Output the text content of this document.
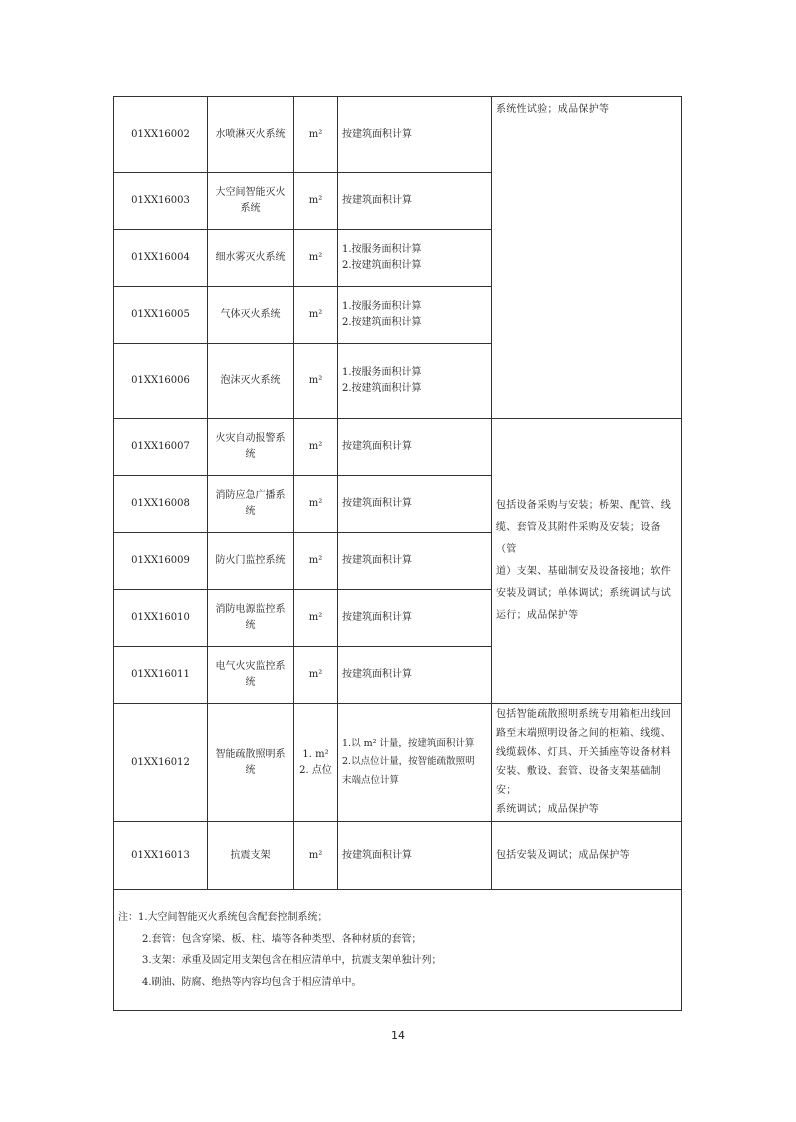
01XX16002	水喷淋灭火系统	m²	按建筑面积计算	系统性试验；成品保护等

01XX16003	大空间智能灭火
系统	m²	按建筑面积计算	

01XX16004	细水雾灭火系统	m²	1.按服务面积计算
2.按建筑面积计算	

01XX16005	气体灭火系统	m²	1.按服务面积计算
2.按建筑面积计算	

01XX16006	泡沫灭火系统	m²	1.按服务面积计算
2.按建筑面积计算	

01XX16007	火灾自动报警系
统	m²	按建筑面积计算	包括设备采购与安装；桥架、配管、线
缆、套管及其附件采购及安装；设备（管
道）支架、基础制安及设备接地；软件
安装及调试；单体调试；系统调试与试
运行；成品保护等

01XX16008	消防应急广播系
统	m²	按建筑面积计算	

01XX16009	防火门监控系统	m²	按建筑面积计算	

01XX16010	消防电源监控系
统	m²	按建筑面积计算	

01XX16011	电气火灾监控系
统	m²	按建筑面积计算	

01XX16012	智能疏散照明系
统	1. m²
2. 点位	1.以 m² 计量，按建筑面积计算
2.以点位计量，按智能疏散照明
末端点位计算	包括智能疏散照明系统专用箱柜出线回
路至末端照明设备之间的柜箱、线缆、
线缆载体、灯具、开关插座等设备材料
安装、敷设、套管、设备支架基础制安；
系统调试；成品保护等

01XX16013	抗震支架	m²	按建筑面积计算	包括安装及调试；成品保护等

注：1.大空间智能灭火系统包含配套控制系统；
2.套管：包含穿梁、板、柱、墙等各种类型、各种材质的套管；
3.支架：承重及固定用支架包含在相应清单中，抗震支架单独计列；
4.刷油、防腐、绝热等内容均包含于相应清单中。				
14
